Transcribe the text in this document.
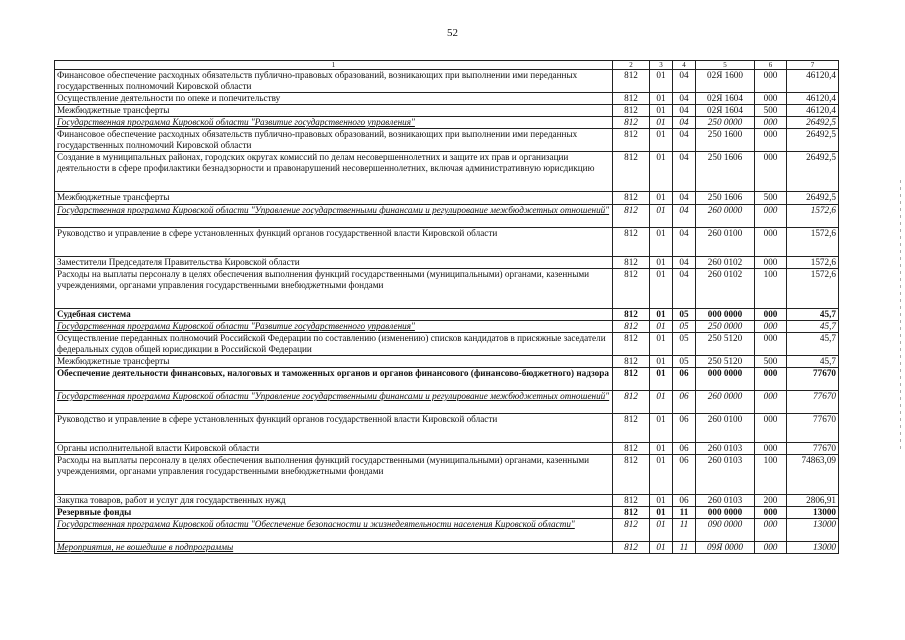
52
1	2	3	4	5	6	7
Финансовое обеспечение расходных обязательств публично-правовых образований, возникающих при выполнении ими переданных государственных полномочий Кировской области	812	01	04	02Я 1600	000	46120,4
Осуществление деятельности по опеке и попечительству	812	01	04	02Я 1604	000	46120,4
Межбюджетные трансферты	812	01	04	02Я 1604	500	46120,4
Государственная программа Кировской области "Развитие государственного управления"	812	01	04	250 0000	000	26492,5
Финансовое обеспечение расходных обязательств публично-правовых образований, возникающих при выполнении ими переданных государственных полномочий Кировской области	812	01	04	250 1600	000	26492,5
Создание в муниципальных районах, городских округах комиссий по делам несовершеннолетних и защите их прав и организации деятельности в сфере профилактики безнадзорности и правонарушений несовершеннолетних, включая административную юрисдикцию	812	01	04	250 1606	000	26492,5
Межбюджетные трансферты	812	01	04	250 1606	500	26492,5
Государственная программа Кировской области "Управление государственными финансами и регулирование межбюджетных отношений"	812	01	04	260 0000	000	1572,6
Руководство и управление в сфере установленных функций органов государственной власти Кировской области	812	01	04	260 0100	000	1572,6
Заместители Председателя Правительства Кировской области	812	01	04	260 0102	000	1572,6
Расходы на выплаты персоналу в целях обеспечения выполнения функций государственными (муниципальными) органами, казенными учреждениями, органами управления государственными внебюджетными фондами	812	01	04	260 0102	100	1572,6
Судебная система	812	01	05	000 0000	000	45,7
Государственная программа Кировской области "Развитие государственного управления"	812	01	05	250 0000	000	45,7
Осуществление переданных полномочий Российской Федерации по составлению (изменению) списков кандидатов в присяжные заседатели федеральных судов общей юрисдикции в Российской Федерации	812	01	05	250 5120	000	45,7
Межбюджетные трансферты	812	01	05	250 5120	500	45,7
Обеспечение деятельности финансовых, налоговых и таможенных органов и органов финансового (финансово-бюджетного) надзора	812	01	06	000 0000	000	77670
Государственная программа Кировской области "Управление государственными финансами и регулирование межбюджетных отношений"	812	01	06	260 0000	000	77670
Руководство и управление в сфере установленных функций органов государственной власти Кировской области	812	01	06	260 0100	000	77670
Органы исполнительной власти Кировской области	812	01	06	260 0103	000	77670
Расходы на выплаты персоналу в целях обеспечения выполнения функций государственными (муниципальными) органами, казенными учреждениями, органами управления государственными внебюджетными фондами	812	01	06	260 0103	100	74863,09
Закупка товаров, работ и услуг для государственных нужд	812	01	06	260 0103	200	2806,91
Резервные фонды	812	01	11	000 0000	000	13000
Государственная программа Кировской области "Обеспечение безопасности и жизнедеятельности населения Кировской области"	812	01	11	090 0000	000	13000
Мероприятия, не вошедшие в подпрограммы	812	01	11	09Я 0000	000	13000
